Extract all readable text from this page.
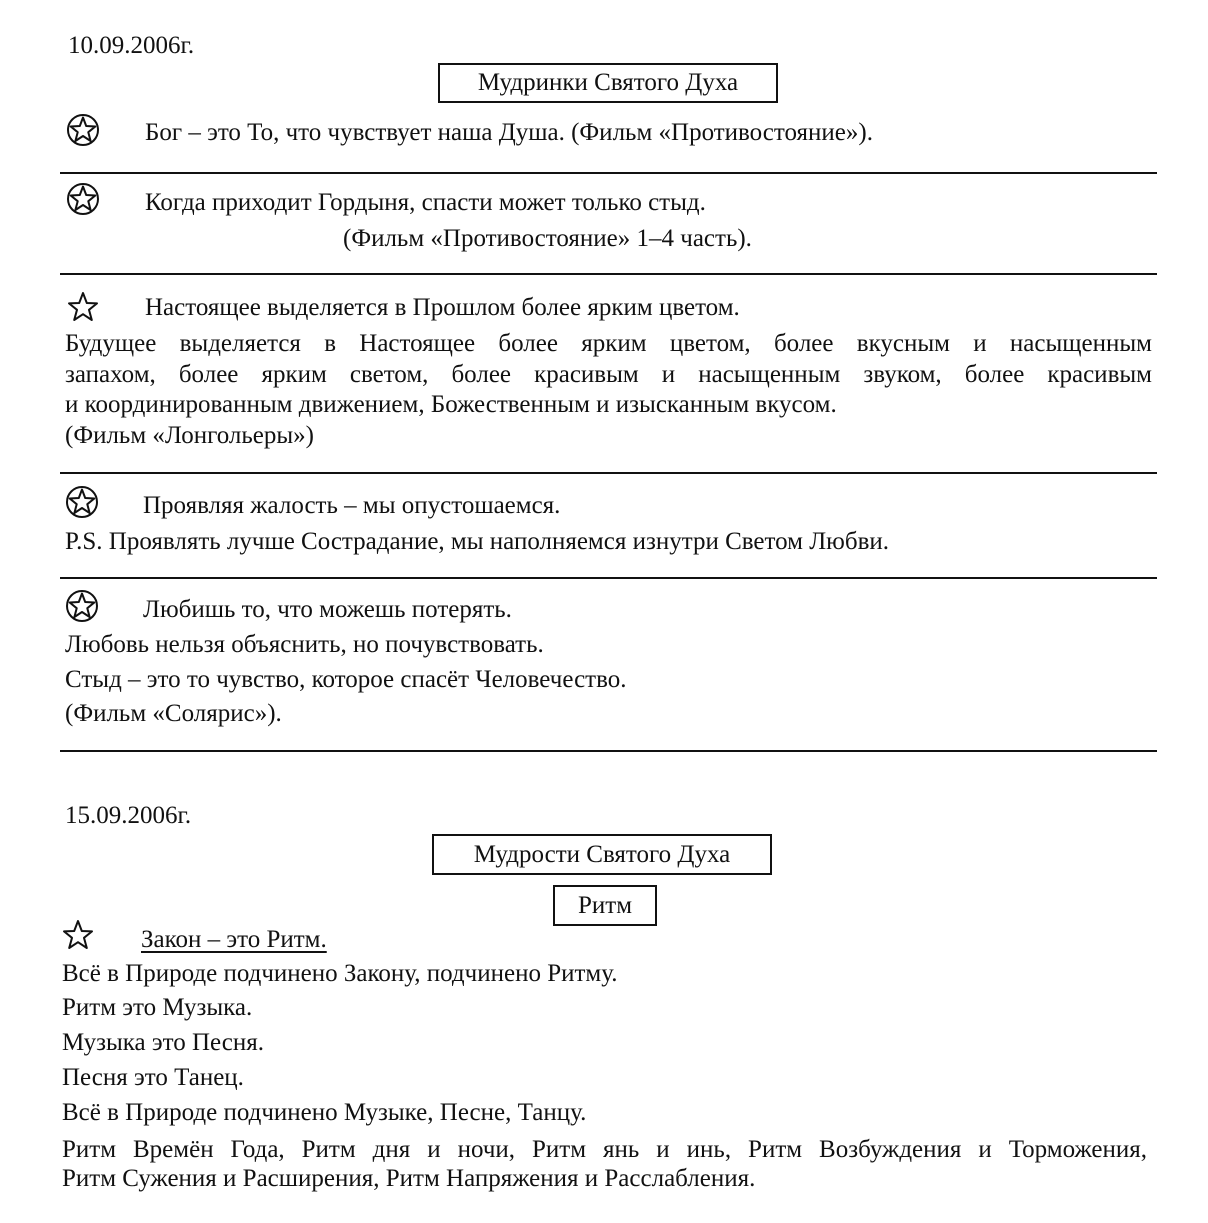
10.09.2006г.
Мудринки Святого Духа
Бог – это То, что чувствует наша Душа. (Фильм «Противостояние»).
Когда приходит Гордыня, спасти может только стыд.
(Фильм «Противостояние» 1–4 часть).
Настоящее выделяется в Прошлом более ярким цветом.
Будущее выделяется в Настоящее более ярким цветом, более вкусным и насыщенным
запахом, более ярким светом, более красивым и насыщенным звуком, более красивым
и координированным движением, Божественным и изысканным вкусом.
(Фильм «Лонгольеры»)
Проявляя жалость – мы опустошаемся.
P.S. Проявлять лучше Сострадание, мы наполняемся изнутри Светом Любви.
Любишь то, что можешь потерять.
Любовь нельзя объяснить, но почувствовать.
Стыд – это то чувство, которое спасёт Человечество.
(Фильм «Солярис»).
15.09.2006г.
Мудрости Святого Духа
Ритм
Закон – это Ритм.
Всё в Природе подчинено Закону, подчинено Ритму.
Ритм это Музыка.
Музыка это Песня.
Песня это Танец.
Всё в Природе подчинено Музыке, Песне, Танцу.
Ритм Времён Года, Ритм дня и ночи, Ритм янь и инь, Ритм Возбуждения и Торможения,
Ритм Сужения и Расширения, Ритм Напряжения и Расслабления.
